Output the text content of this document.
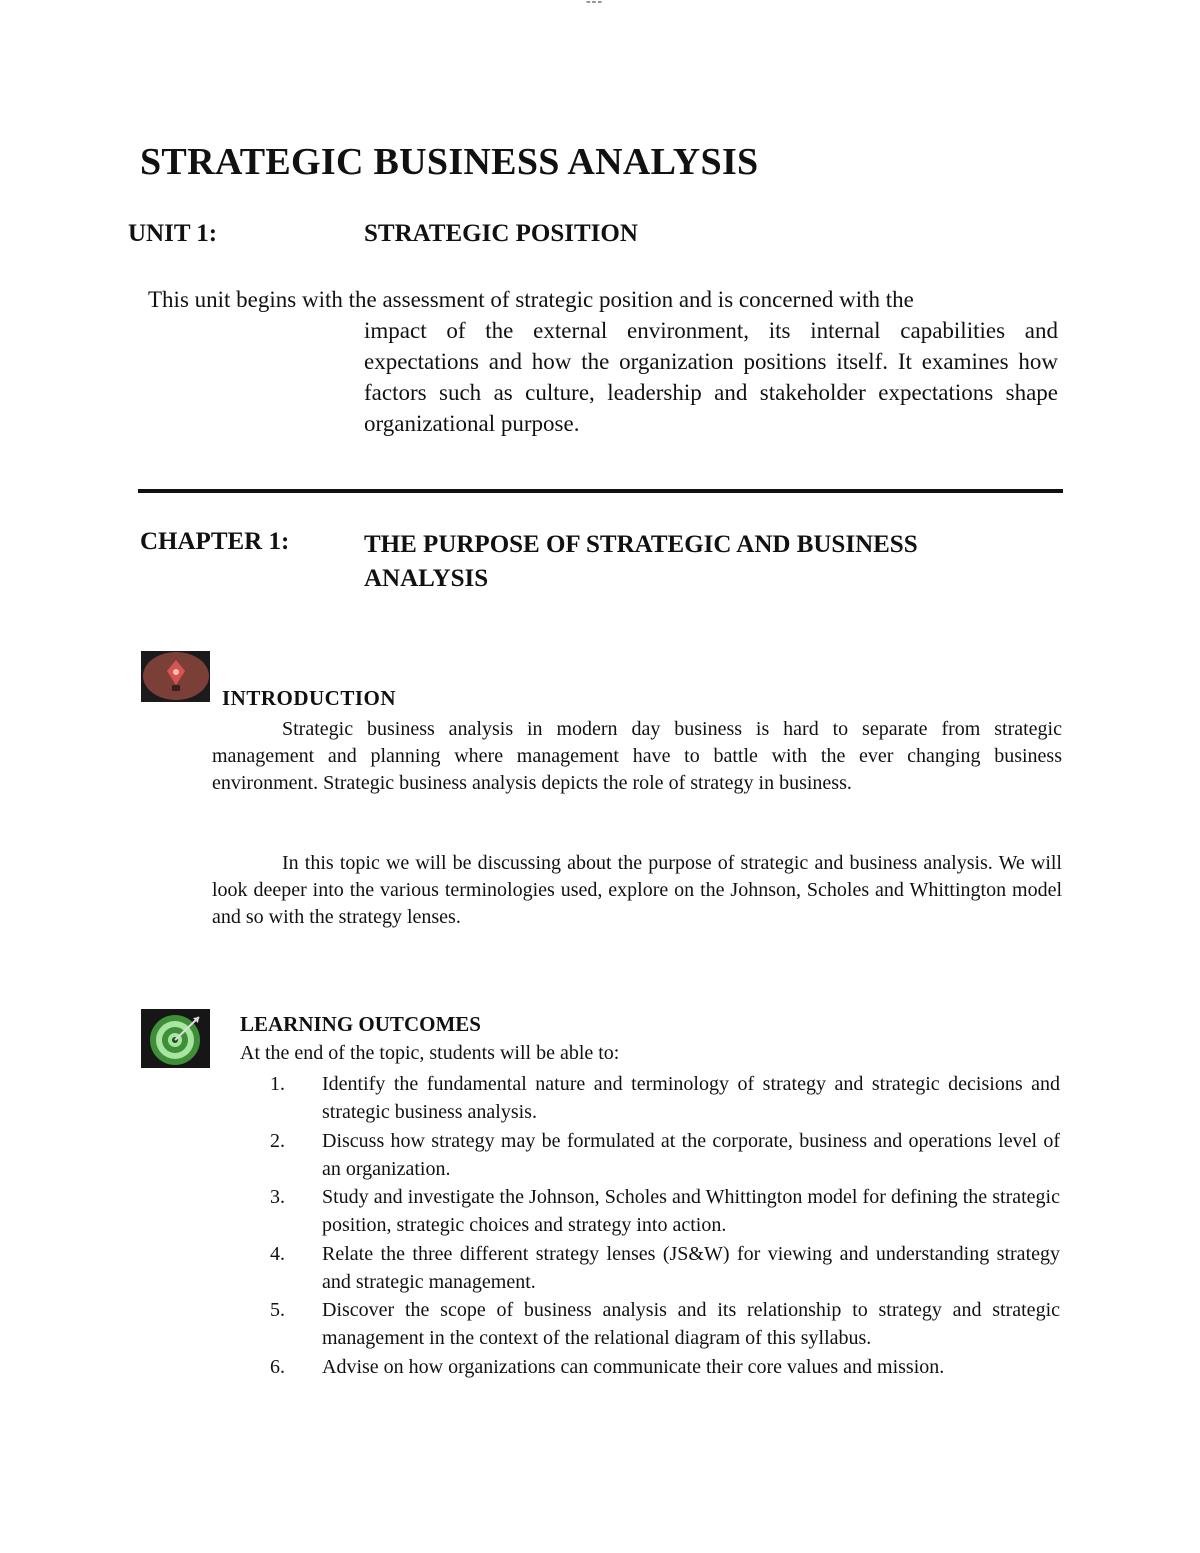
---
STRATEGIC BUSINESS ANALYSIS
UNIT 1:	STRATEGIC POSITION
This unit begins with the assessment of strategic position and is concerned with the
impact of the external environment, its internal capabilities and expectations and how the organization positions itself. It examines how factors such as culture, leadership and stakeholder expectations shape organizational purpose.
CHAPTER 1:	THE PURPOSE OF STRATEGIC AND BUSINESS ANALYSIS
INTRODUCTION
Strategic business analysis in modern day business is hard to separate from strategic management and planning where management have to battle with the ever changing business environment. Strategic business analysis depicts the role of strategy in business.
In this topic we will be discussing about the purpose of strategic and business analysis. We will look deeper into the various terminologies used, explore on the Johnson, Scholes and Whittington model and so with the strategy lenses.
LEARNING OUTCOMES
At the end of the topic, students will be able to:
1.	Identify the fundamental nature and terminology of strategy and strategic decisions and strategic business analysis.
2.	Discuss how strategy may be formulated at the corporate, business and operations level of an organization.
3.	Study and investigate the Johnson, Scholes and Whittington model for defining the strategic position, strategic choices and strategy into action.
4.	Relate the three different strategy lenses (JS&W) for viewing and understanding strategy and strategic management.
5.	Discover the scope of business analysis and its relationship to strategy and strategic management in the context of the relational diagram of this syllabus.
6.	Advise on how organizations can communicate their core values and mission.
